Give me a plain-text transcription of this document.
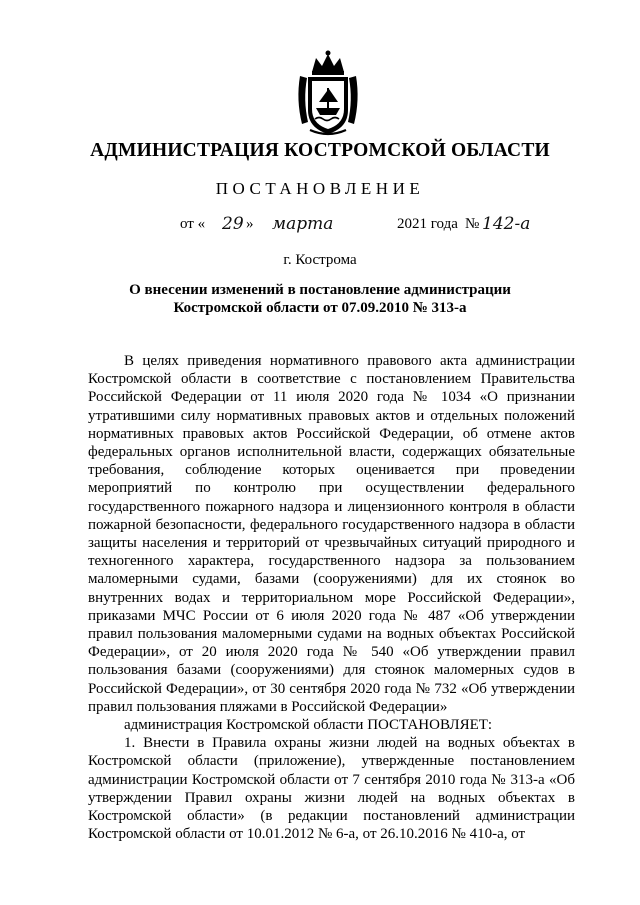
АДМИНИСТРАЦИЯ КОСТРОМСКОЙ ОБЛАСТИ
ПОСТАНОВЛЕНИЕ
от « 29 » марта	2021 года № 142-а
г. Кострома
О внесении изменений в постановление администрации
Костромской области от 07.09.2010 № 313-а

В целях приведения нормативного правового акта администрации Костромской области в соответствие с постановлением Правительства Российской Федерации от 11 июля 2020 года № 1034 «О признании утратившими силу нормативных правовых актов и отдельных положений нормативных правовых актов Российской Федерации, об отмене актов федеральных органов исполнительной власти, содержащих обязательные требования, соблюдение которых оценивается при проведении мероприятий по контролю при осуществлении федерального государственного пожарного надзора и лицензионного контроля в области пожарной безопасности, федерального государственного надзора в области защиты населения и территорий от чрезвычайных ситуаций природного и техногенного характера, государственного надзора за пользованием маломерными судами, базами (сооружениями) для их стоянок во внутренних водах и территориальном море Российской Федерации», приказами МЧС России от 6 июля 2020 года № 487 «Об утверждении правил пользования маломерными судами на водных объектах Российской Федерации», от 20 июля 2020 года № 540 «Об утверждении правил пользования базами (сооружениями) для стоянок маломерных судов в Российской Федерации», от 30 сентября 2020 года № 732 «Об утверждении правил пользования пляжами в Российской Федерации»

администрация Костромской области ПОСТАНОВЛЯЕТ:

1. Внести в Правила охраны жизни людей на водных объектах в Костромской области (приложение), утвержденные постановлением администрации Костромской области от 7 сентября 2010 года № 313-а «Об утверждении Правил охраны жизни людей на водных объектах в Костромской области» (в редакции постановлений администрации Костромской области от 10.01.2012 № 6-а, от 26.10.2016 № 410-а, от
